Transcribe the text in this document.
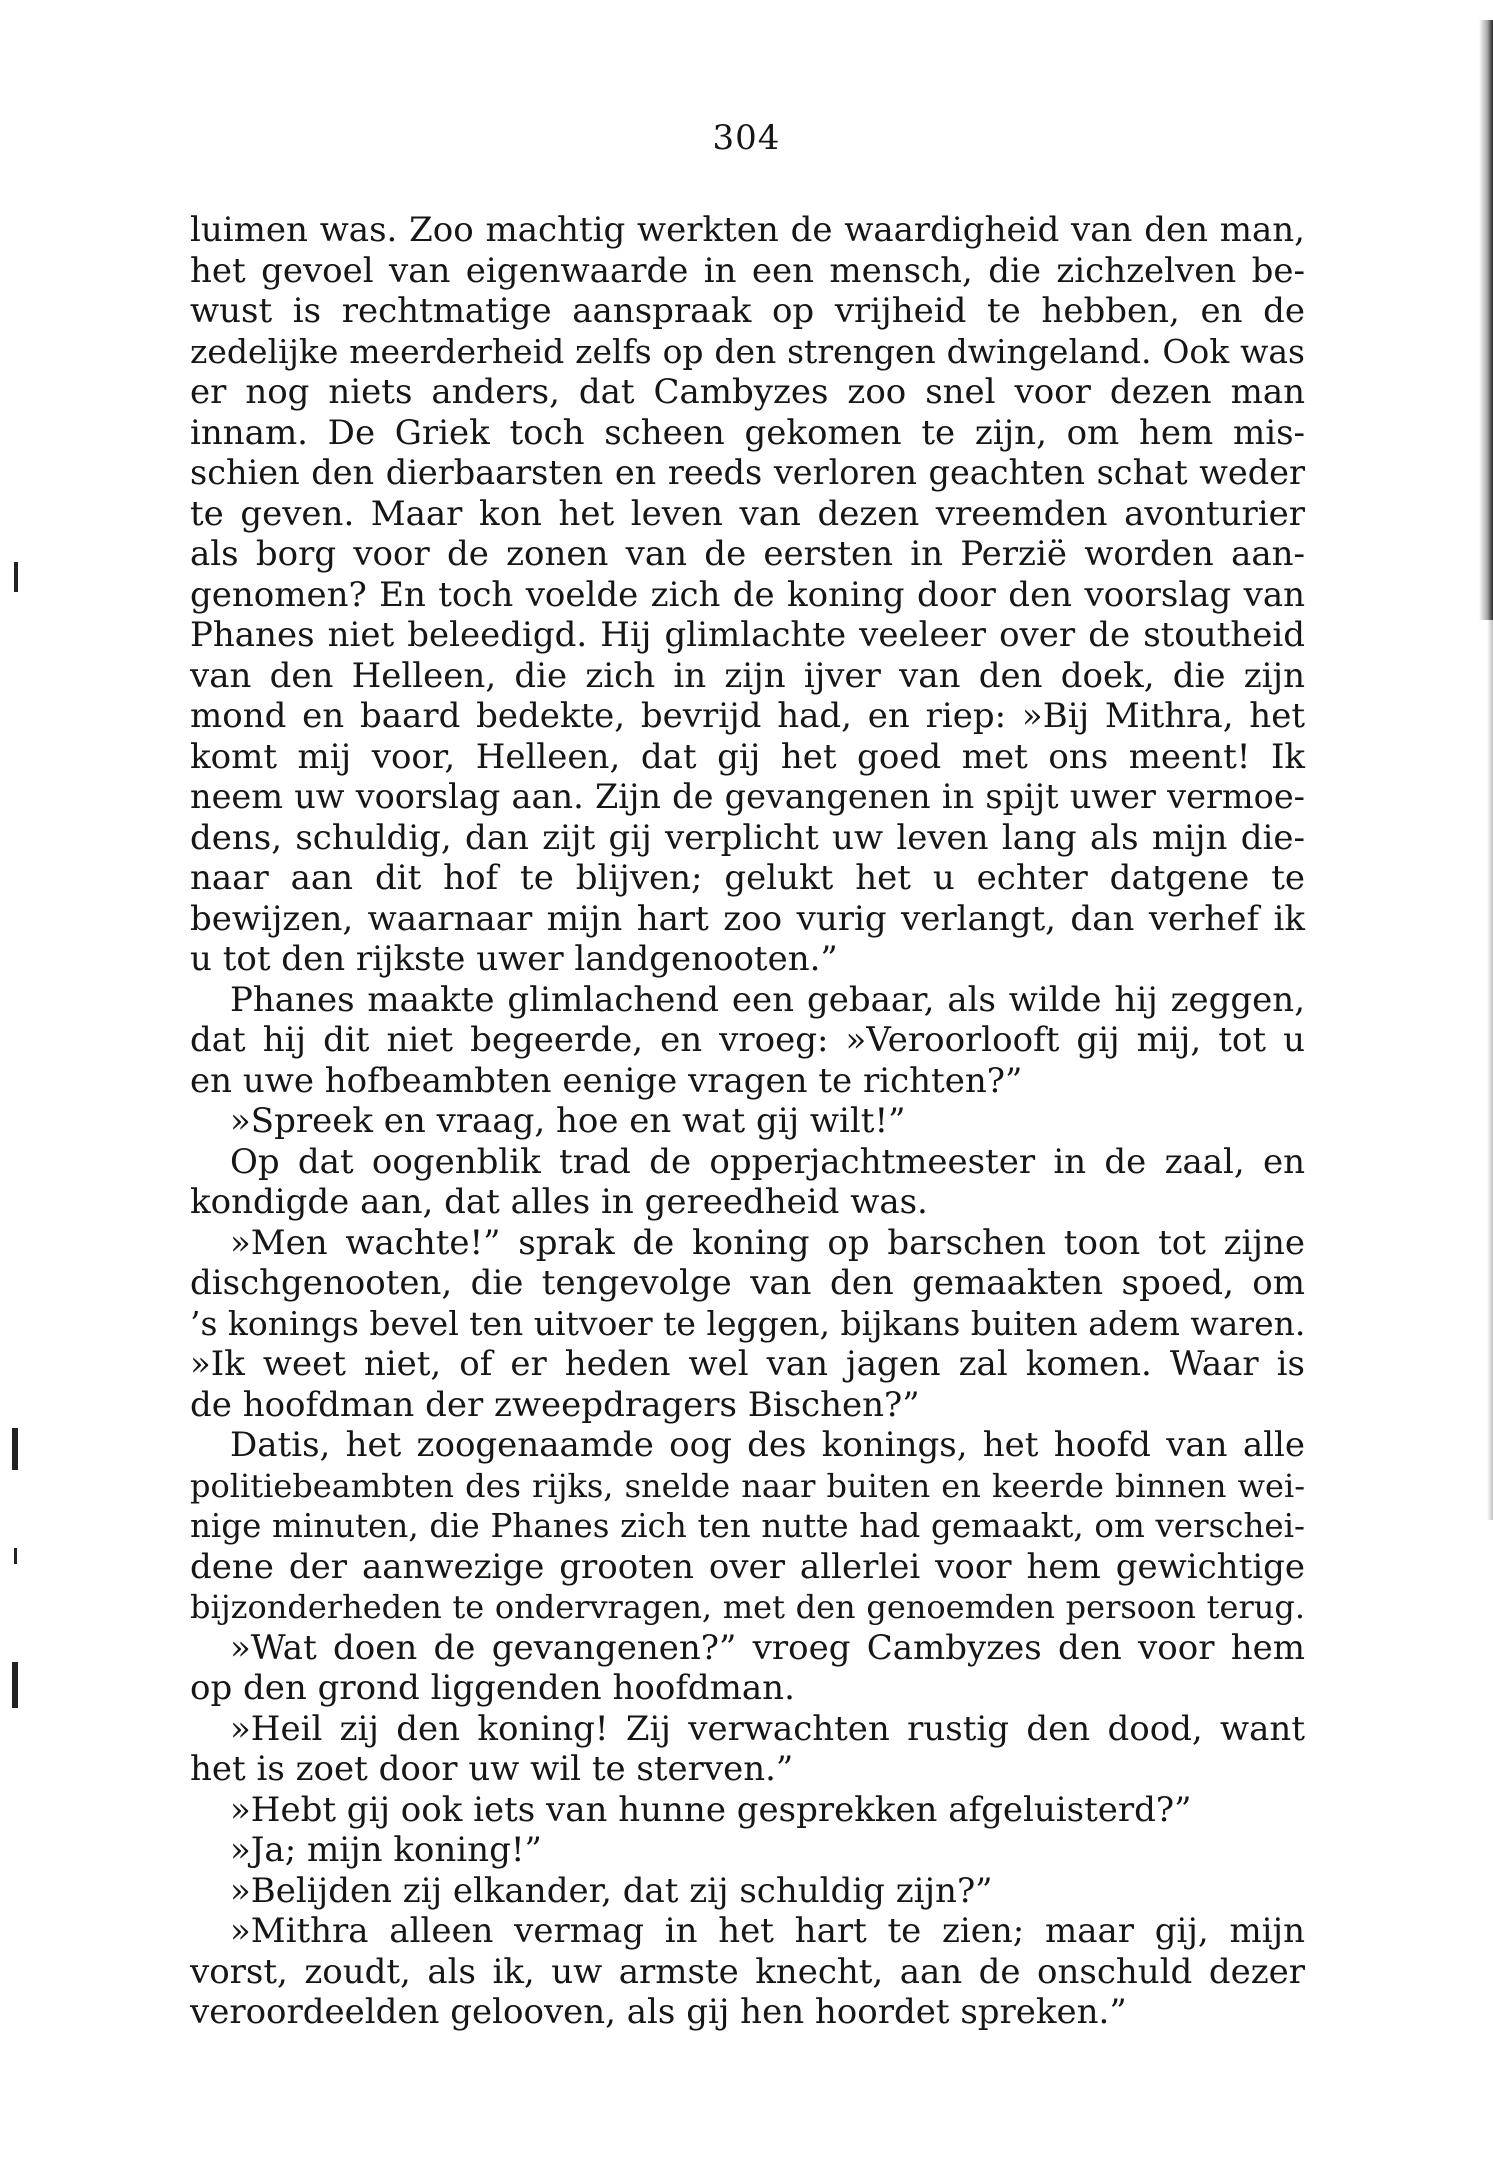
304
luimen was. Zoo machtig werkten de waardigheid van den man,
het gevoel van eigenwaarde in een mensch, die zichzelven be-
wust is rechtmatige aanspraak op vrijheid te hebben, en de
zedelijke meerderheid zelfs op den strengen dwingeland. Ook was
er nog niets anders, dat Cambyzes zoo snel voor dezen man
innam. De Griek toch scheen gekomen te zijn, om hem mis-
schien den dierbaarsten en reeds verloren geachten schat weder
te geven. Maar kon het leven van dezen vreemden avonturier
als borg voor de zonen van de eersten in Perzië worden aan-
genomen? En toch voelde zich de koning door den voorslag van
Phanes niet beleedigd. Hij glimlachte veeleer over de stoutheid
van den Helleen, die zich in zijn ijver van den doek, die zijn
mond en baard bedekte, bevrijd had, en riep: »Bij Mithra, het
komt mij voor, Helleen, dat gij het goed met ons meent! Ik
neem uw voorslag aan. Zijn de gevangenen in spijt uwer vermoe-
dens, schuldig, dan zijt gij verplicht uw leven lang als mijn die-
naar aan dit hof te blijven; gelukt het u echter datgene te
bewijzen, waarnaar mijn hart zoo vurig verlangt, dan verhef ik
u tot den rijkste uwer landgenooten.”
Phanes maakte glimlachend een gebaar, als wilde hij zeggen,
dat hij dit niet begeerde, en vroeg: »Veroorlooft gij mij, tot u
en uwe hofbeambten eenige vragen te richten?”
»Spreek en vraag, hoe en wat gij wilt!”
Op dat oogenblik trad de opperjachtmeester in de zaal, en
kondigde aan, dat alles in gereedheid was.
»Men wachte!” sprak de koning op barschen toon tot zijne
dischgenooten, die tengevolge van den gemaakten spoed, om
’s konings bevel ten uitvoer te leggen, bijkans buiten adem waren.
»Ik weet niet, of er heden wel van jagen zal komen. Waar is
de hoofdman der zweepdragers Bischen?”
Datis, het zoogenaamde oog des konings, het hoofd van alle
politiebeambten des rijks, snelde naar buiten en keerde binnen wei-
nige minuten, die Phanes zich ten nutte had gemaakt, om verschei-
dene der aanwezige grooten over allerlei voor hem gewichtige
bijzonderheden te ondervragen, met den genoemden persoon terug.
»Wat doen de gevangenen?” vroeg Cambyzes den voor hem
op den grond liggenden hoofdman.
»Heil zij den koning! Zij verwachten rustig den dood, want
het is zoet door uw wil te sterven.”
»Hebt gij ook iets van hunne gesprekken afgeluisterd?”
»Ja; mijn koning!”
»Belijden zij elkander, dat zij schuldig zijn?”
»Mithra alleen vermag in het hart te zien; maar gij, mijn
vorst, zoudt, als ik, uw armste knecht, aan de onschuld dezer
veroordeelden gelooven, als gij hen hoordet spreken.”
